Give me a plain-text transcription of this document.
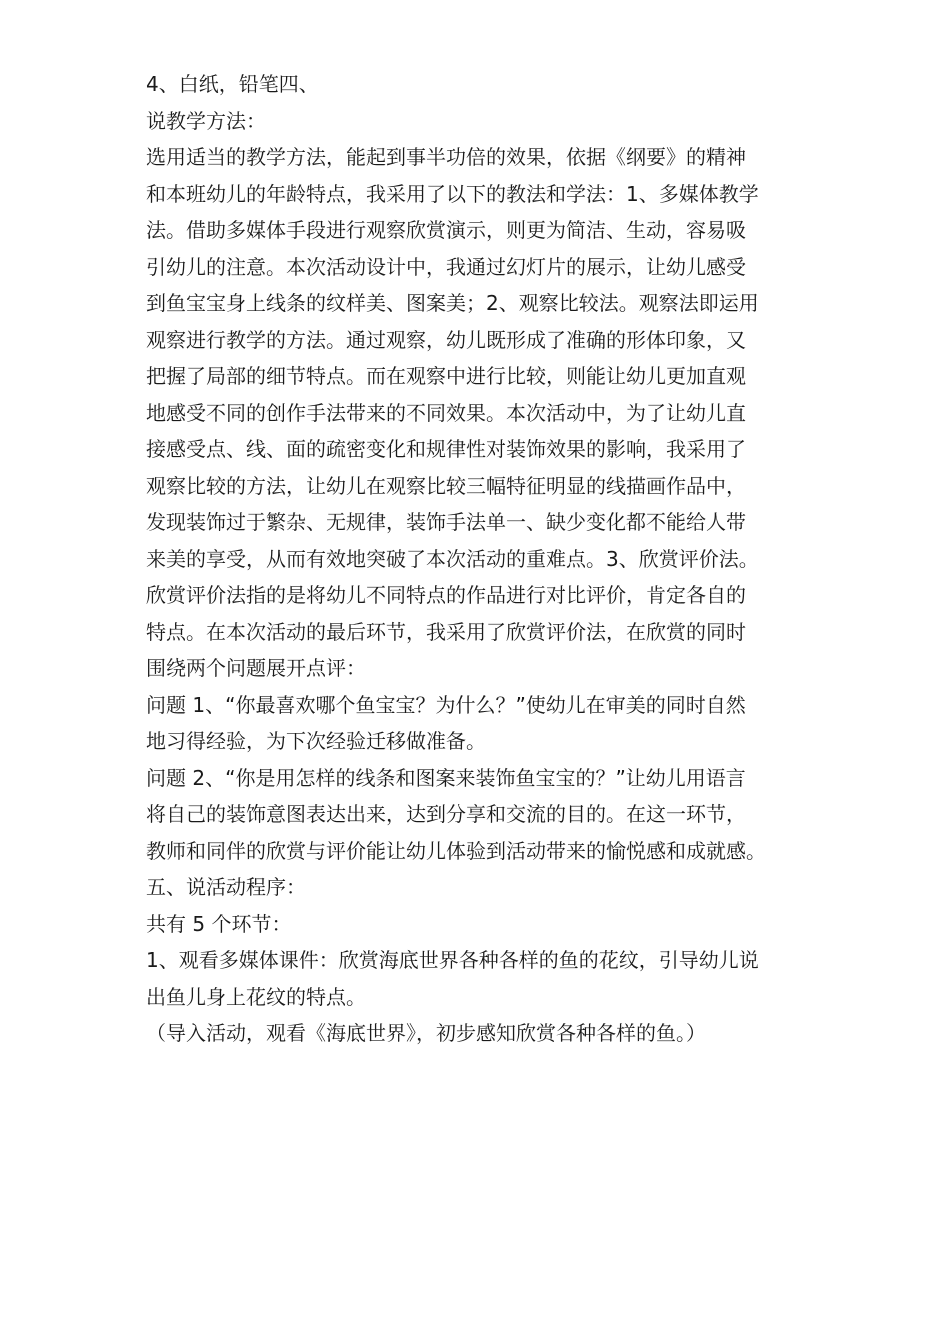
4、白纸，铅笔四、
说教学方法：
选用适当的教学方法，能起到事半功倍的效果，依据《纲要》的精神
和本班幼儿的年龄特点，我采用了以下的教法和学法：1、多媒体教学
法。借助多媒体手段进行观察欣赏演示，则更为简洁、生动，容易吸
引幼儿的注意。本次活动设计中，我通过幻灯片的展示，让幼儿感受
到鱼宝宝身上线条的纹样美、图案美；2、观察比较法。观察法即运用
观察进行教学的方法。通过观察，幼儿既形成了准确的形体印象，又
把握了局部的细节特点。而在观察中进行比较，则能让幼儿更加直观
地感受不同的创作手法带来的不同效果。本次活动中，为了让幼儿直
接感受点、线、面的疏密变化和规律性对装饰效果的影响，我采用了
观察比较的方法，让幼儿在观察比较三幅特征明显的线描画作品中，
发现装饰过于繁杂、无规律，装饰手法单一、缺少变化都不能给人带
来美的享受，从而有效地突破了本次活动的重难点。3、欣赏评价法。
欣赏评价法指的是将幼儿不同特点的作品进行对比评价，肯定各自的
特点。在本次活动的最后环节，我采用了欣赏评价法，在欣赏的同时
围绕两个问题展开点评：
问题 1、“你最喜欢哪个鱼宝宝？为什么？”使幼儿在审美的同时自然
地习得经验，为下次经验迁移做准备。
问题 2、“你是用怎样的线条和图案来装饰鱼宝宝的？”让幼儿用语言
将自己的装饰意图表达出来，达到分享和交流的目的。在这一环节，
教师和同伴的欣赏与评价能让幼儿体验到活动带来的愉悦感和成就感。
五、说活动程序：
共有 5 个环节：
1、观看多媒体课件：欣赏海底世界各种各样的鱼的花纹，引导幼儿说
出鱼儿身上花纹的特点。
（导入活动，观看《海底世界》，初步感知欣赏各种各样的鱼。）
